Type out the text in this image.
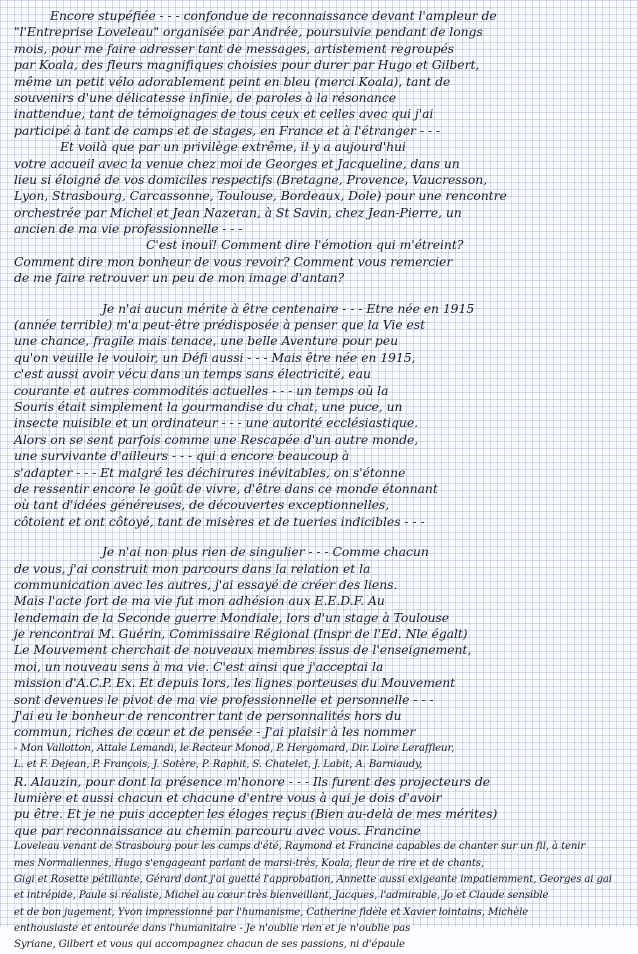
Encore stupéfiée - - - confondue de reconnaissance devant l'ampleur de
"l'Entreprise Loveleau" organisée par Andrée, poursuivie pendant de longs
mois, pour me faire adresser tant de messages, artistement regroupés
par Koala, des fleurs magnifiques choisies pour durer par Hugo et Gilbert,
même un petit vélo adorablement peint en bleu (merci Koala), tant de
souvenirs d'une délicatesse infinie, de paroles à la résonance
inattendue, tant de témoignages de tous ceux et celles avec qui j'ai
participé à tant de camps et de stages, en France et à l'étranger - - -
Et voilà que par un privilège extrême, il y a aujourd'hui
votre accueil avec la venue chez moi de Georges et Jacqueline, dans un
lieu si éloigné de vos domiciles respectifs (Bretagne, Provence, Vaucresson,
Lyon, Strasbourg, Carcassonne, Toulouse, Bordeaux, Dole) pour une rencontre
orchestrée par Michel et Jean Nazeran, à St Savin, chez Jean-Pierre, un
ancien de ma vie professionnelle - - -
C'est inouï! Comment dire l'émotion qui m'étreint?
Comment dire mon bonheur de vous revoir? Comment vous remercier
de me faire retrouver un peu de mon image d'antan?
Je n'ai aucun mérite à être centenaire - - - Etre née en 1915
(année terrible) m'a peut-être prédisposée à penser que la Vie est
une chance, fragile mais tenace, une belle Aventure pour peu
qu'on veuille le vouloir, un Défi aussi - - - Mais être née en 1915,
c'est aussi avoir vécu dans un temps sans électricité, eau
courante et autres commodités actuelles - - - un temps où la
Souris était simplement la gourmandise du chat, une puce, un
insecte nuisible et un ordinateur - - - une autorité ecclésiastique.
Alors on se sent parfois comme une Rescapée d'un autre monde,
une survivante d'ailleurs - - - qui a encore beaucoup à
s'adapter - - - Et malgré les déchirures inévitables, on s'étonne
de ressentir encore le goût de vivre, d'être dans ce monde étonnant
où tant d'idées généreuses, de découvertes exceptionnelles,
côtoient et ont côtoyé, tant de misères et de tueries indicibles - - -
Je n'ai non plus rien de singulier - - - Comme chacun
de vous, j'ai construit mon parcours dans la relation et la
communication avec les autres, j'ai essayé de créer des liens.
Mais l'acte fort de ma vie fut mon adhésion aux E.E.D.F. Au
lendemain de la Seconde guerre Mondiale, lors d'un stage à Toulouse
je rencontrai M. Guérin, Commissaire Régional (Inspr de l'Ed. Nle égalt)
Le Mouvement cherchait de nouveaux membres issus de l'enseignement,
moi, un nouveau sens à ma vie. C'est ainsi que j'acceptai la
mission d'A.C.P. Ex. Et depuis lors, les lignes porteuses du Mouvement
sont devenues le pivot de ma vie professionnelle et personnelle - - -
J'ai eu le bonheur de rencontrer tant de personnalités hors du
commun, riches de cœur et de pensée - J'ai plaisir à les nommer
- Mon Vallotton, Attale Lemandi, le Recteur Monod, P. Hergomard, Dir. Loire Leraffleur,
L. et F. Dejean, P. François, J. Sotère, P. Raphit, S. Chatelet, J. Labit, A. Barniaudy,
R. Alauzin, pour dont la présence m'honore - - - Ils furent des projecteurs de
lumière et aussi chacun et chacune d'entre vous à qui je dois d'avoir
pu être. Et je ne puis accepter les éloges reçus (Bien au-delà de mes mérites)
que par reconnaissance au chemin parcouru avec vous. Francine
Loveleau venant de Strasbourg pour les camps d'été, Raymond et Francine capables de chanter sur un fil, à tenir
mes Normaliennes, Hugo s'engageant parlant de marsi-très, Koala, fleur de rire et de chants,
Gigi et Rosette pétillante, Gérard dont j'ai guetté l'approbation, Annette aussi exigeante impatiemment, Georges ai gai
et intrépide, Paule si réaliste, Michel au cœur très bienveillant, Jacques, l'admirable, Jo et Claude sensible
et de bon jugement, Yvon impressionné par l'humanisme, Catherine fidèle et Xavier lointains, Michèle
enthousiaste et entourée dans l'humanitaire - Je n'oublie rien et je n'oublie pas
Syriane, Gilbert et vous qui accompagnez chacun de ses passions, ni d'épaule
